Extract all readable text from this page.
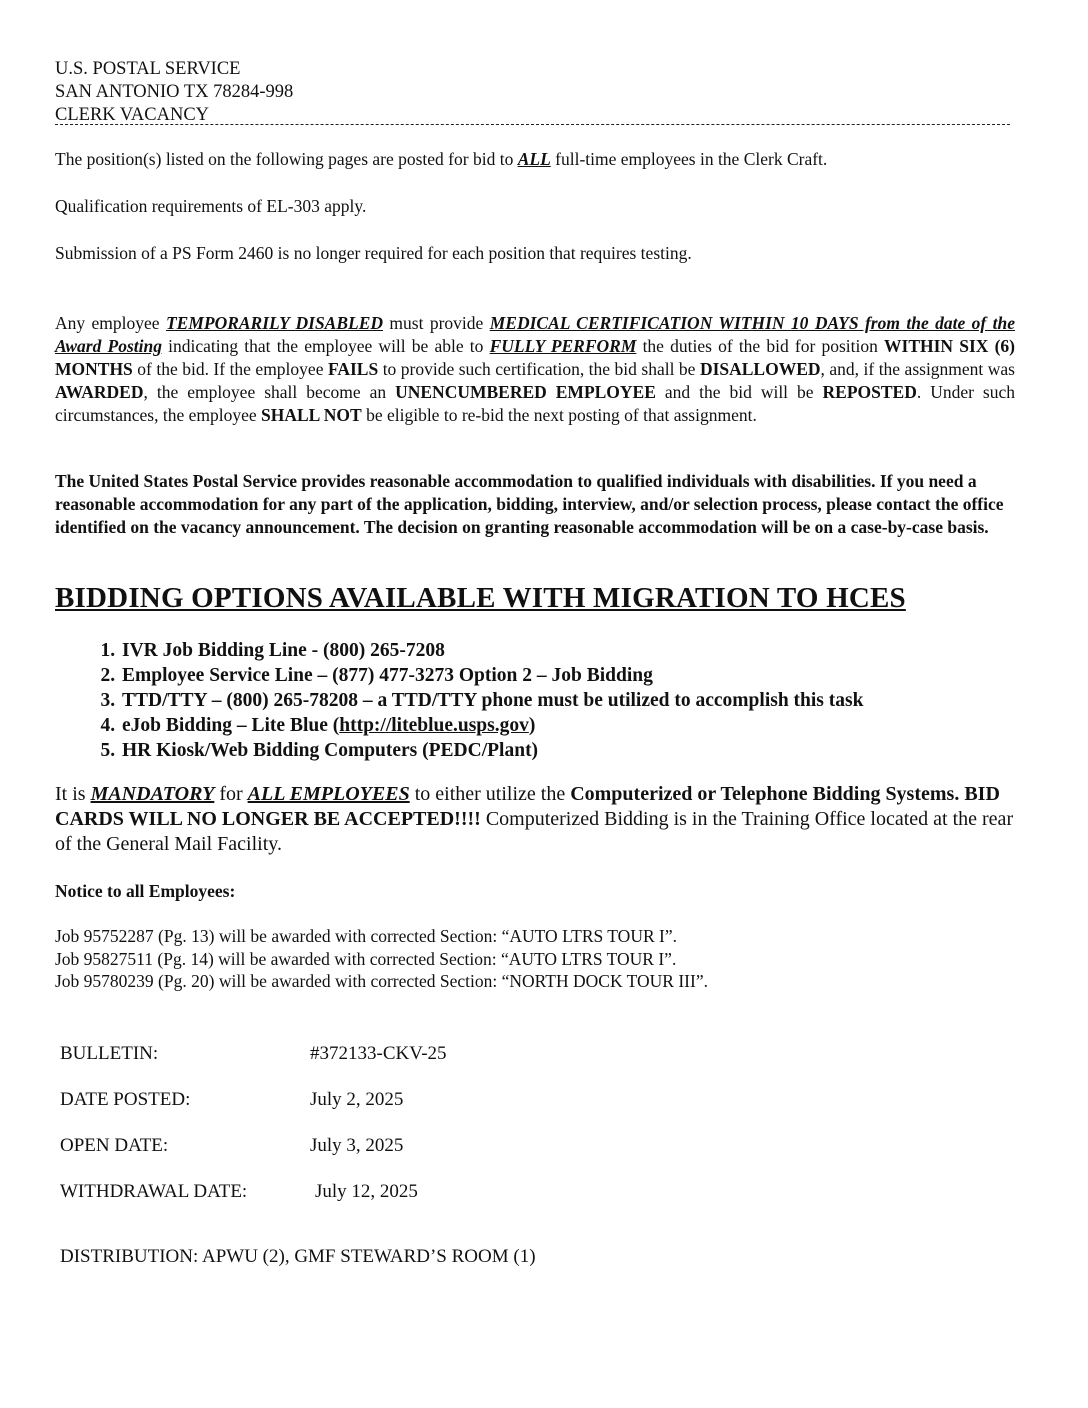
U.S. POSTAL SERVICE
SAN ANTONIO TX 78284-998
CLERK VACANCY

The position(s) listed on the following pages are posted for bid to ALL full-time employees in the Clerk Craft.

Qualification requirements of EL-303 apply.

Submission of a PS Form 2460 is no longer required for each position that requires testing.

Any employee TEMPORARILY DISABLED must provide MEDICAL CERTIFICATION WITHIN 10 DAYS from the date of the Award Posting indicating that the employee will be able to FULLY PERFORM the duties of the bid for position WITHIN SIX (6) MONTHS of the bid. If the employee FAILS to provide such certification, the bid shall be DISALLOWED, and, if the assignment was AWARDED, the employee shall become an UNENCUMBERED EMPLOYEE and the bid will be REPOSTED. Under such circumstances, the employee SHALL NOT be eligible to re-bid the next posting of that assignment.

The United States Postal Service provides reasonable accommodation to qualified individuals with disabilities. If you need a reasonable accommodation for any part of the application, bidding, interview, and/or selection process, please contact the office identified on the vacancy announcement. The decision on granting reasonable accommodation will be on a case-by-case basis.

BIDDING OPTIONS AVAILABLE WITH MIGRATION TO HCES
1. IVR Job Bidding Line - (800) 265-7208
2. Employee Service Line – (877) 477-3273 Option 2 – Job Bidding
3. TTD/TTY – (800) 265-78208 – a TTD/TTY phone must be utilized to accomplish this task
4. eJob Bidding – Lite Blue (http://liteblue.usps.gov)
5. HR Kiosk/Web Bidding Computers (PEDC/Plant)

It is MANDATORY for ALL EMPLOYEES to either utilize the Computerized or Telephone Bidding Systems. BID CARDS WILL NO LONGER BE ACCEPTED!!!! Computerized Bidding is in the Training Office located at the rear of the General Mail Facility.

Notice to all Employees:
Job 95752287 (Pg. 13) will be awarded with corrected Section: “AUTO LTRS TOUR I”.
Job 95827511 (Pg. 14) will be awarded with corrected Section: “AUTO LTRS TOUR I”.
Job 95780239 (Pg. 20) will be awarded with corrected Section: “NORTH DOCK TOUR III”.
BULLETIN:	#372133-CKV-25
DATE POSTED:	July 2, 2025
OPEN DATE:	July 3, 2025
WITHDRAWAL DATE:	July 12, 2025
DISTRIBUTION: APWU (2), GMF STEWARD’S ROOM (1)
